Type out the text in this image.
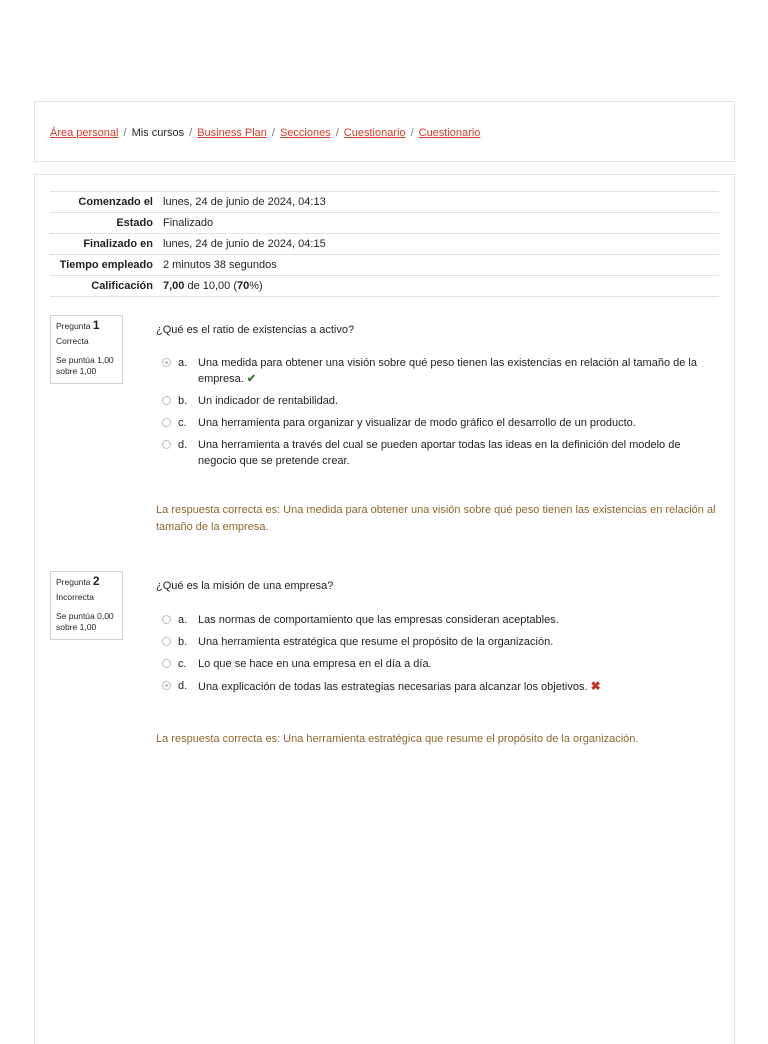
Área personal / Mis cursos / Business Plan / Secciones / Cuestionario / Cuestionario
Comenzado el	lunes, 24 de junio de 2024, 04:13
Estado	Finalizado
Finalizado en	lunes, 24 de junio de 2024, 04:15
Tiempo empleado	2 minutos 38 segundos
Calificación	7,00 de 10,00 (70%)
Pregunta 1
Correcta
Se puntúa 1,00 sobre 1,00
¿Qué es el ratio de existencias a activo?
a. Una medida para obtener una visión sobre qué peso tienen las existencias en relación al tamaño de la empresa. ✔
b. Un indicador de rentabilidad.
c. Una herramienta para organizar y visualizar de modo gráfico el desarrollo de un producto.
d. Una herramienta a través del cual se pueden aportar todas las ideas en la definición del modelo de negocio que se pretende crear.
La respuesta correcta es: Una medida para obtener una visión sobre qué peso tienen las existencias en relación al tamaño de la empresa.
Pregunta 2
Incorrecta
Se puntúa 0,00 sobre 1,00
¿Qué es la misión de una empresa?
a. Las normas de comportamiento que las empresas consideran aceptables.
b. Una herramienta estratégica que resume el propósito de la organización.
c. Lo que se hace en una empresa en el día a día.
d. Una explicación de todas las estrategias necesarias para alcanzar los objetivos. ✖
La respuesta correcta es: Una herramienta estratégica que resume el propósito de la organización.
